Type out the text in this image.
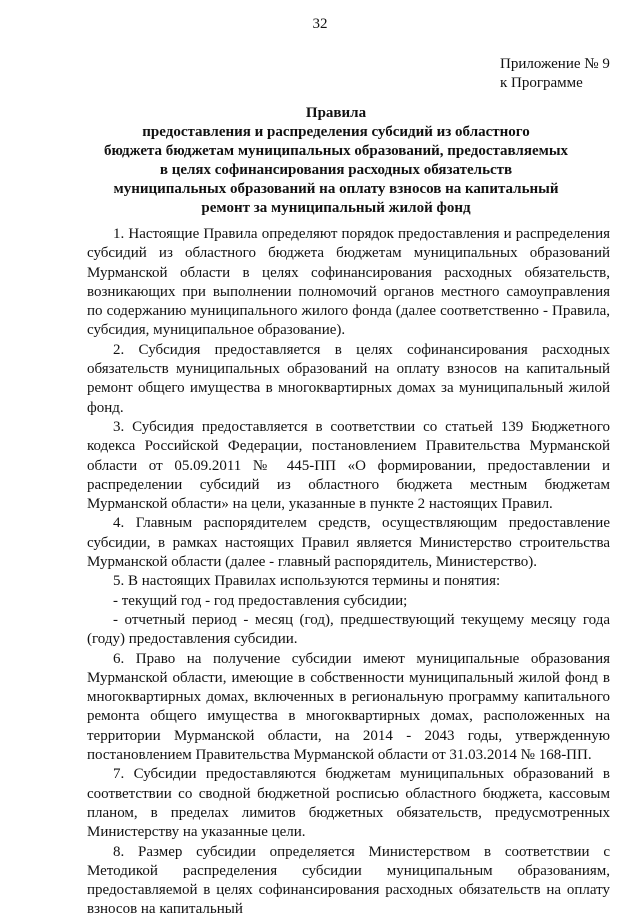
32
Приложение № 9
к Программе
Правила
предоставления и распределения субсидий из областного
бюджета бюджетам муниципальных образований, предоставляемых
в целях софинансирования расходных обязательств
муниципальных образований на оплату взносов на капитальный
ремонт за муниципальный жилой фонд

1. Настоящие Правила определяют порядок предоставления и распределения субсидий из областного бюджета бюджетам муниципальных образований Мурманской области в целях софинансирования расходных обязательств, возникающих при выполнении полномочий органов местного самоуправления по содержанию муниципального жилого фонда (далее соответственно - Правила, субсидия, муниципальное образование).

2. Субсидия предоставляется в целях софинансирования расходных обязательств муниципальных образований на оплату взносов на капитальный ремонт общего имущества в многоквартирных домах за муниципальный жилой фонд.

3. Субсидия предоставляется в соответствии со статьей 139 Бюджетного кодекса Российской Федерации, постановлением Правительства Мурманской области от 05.09.2011 № 445-ПП «О формировании, предоставлении и распределении субсидий из областного бюджета местным бюджетам Мурманской области» на цели, указанные в пункте 2 настоящих Правил.

4. Главным распорядителем средств, осуществляющим предоставление субсидии, в рамках настоящих Правил является Министерство строительства Мурманской области (далее - главный распорядитель, Министерство).

5. В настоящих Правилах используются термины и понятия:

- текущий год - год предоставления субсидии;

- отчетный период - месяц (год), предшествующий текущему месяцу года (году) предоставления субсидии.

6. Право на получение субсидии имеют муниципальные образования Мурманской области, имеющие в собственности муниципальный жилой фонд в многоквартирных домах, включенных в региональную программу капитального ремонта общего имущества в многоквартирных домах, расположенных на территории Мурманской области, на 2014 - 2043 годы, утвержденную постановлением Правительства Мурманской области от 31.03.2014 № 168-ПП.

7. Субсидии предоставляются бюджетам муниципальных образований в соответствии со сводной бюджетной росписью областного бюджета, кассовым планом, в пределах лимитов бюджетных обязательств, предусмотренных Министерству на указанные цели.

8. Размер субсидии определяется Министерством в соответствии с Методикой распределения субсидии муниципальным образованиям, предоставляемой в целях софинансирования расходных обязательств на оплату взносов на капитальный
